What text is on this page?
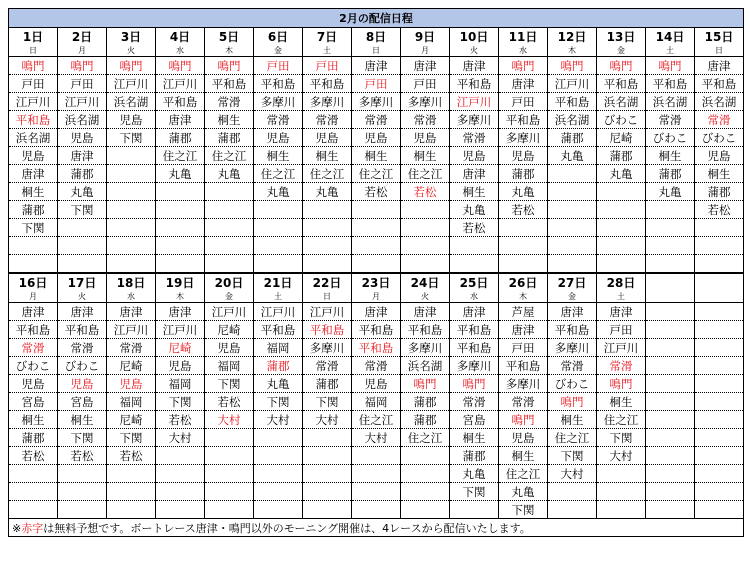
2月の配信日程														
1日	2日	3日	4日	5日	6日	7日	8日	9日	10日	11日	12日	13日	14日	15日
日	月	火	水	木	金	土	日	月	火	水	木	金	土	日
鳴門	鳴門	鳴門	鳴門	鳴門	戸田	戸田	唐津	唐津	唐津	鳴門	鳴門	鳴門	鳴門	唐津
戸田	戸田	江戸川	江戸川	平和島	平和島	平和島	戸田	戸田	平和島	唐津	江戸川	平和島	平和島	平和島
江戸川	江戸川	浜名湖	平和島	常滑	多摩川	多摩川	多摩川	多摩川	江戸川	戸田	平和島	浜名湖	浜名湖	浜名湖
平和島	浜名湖	児島	唐津	桐生	常滑	常滑	常滑	常滑	多摩川	平和島	浜名湖	びわこ	常滑	常滑
浜名湖	児島	下関	蒲郡	蒲郡	児島	児島	児島	児島	常滑	多摩川	蒲郡	尼崎	びわこ	びわこ
児島	唐津		住之江	住之江	桐生	桐生	桐生	桐生	児島	児島	丸亀	蒲郡	桐生	児島
唐津	蒲郡		丸亀	丸亀	住之江	住之江	住之江	住之江	唐津	蒲郡		丸亀	蒲郡	桐生
桐生	丸亀				丸亀	丸亀	若松	若松	桐生	丸亀			丸亀	蒲郡
蒲郡	下関								丸亀	若松				若松
下関									若松					

16日	17日	18日	19日	20日	21日	22日	23日	24日	25日	26日	27日	28日		
月	火	水	木	金	土	日	月	火	水	木	金	土		
唐津	唐津	唐津	唐津	江戸川	江戸川	江戸川	唐津	唐津	唐津	芦屋	唐津	唐津		
平和島	平和島	江戸川	江戸川	尼崎	平和島	平和島	平和島	平和島	平和島	唐津	平和島	戸田		
常滑	常滑	常滑	尼崎	児島	福岡	多摩川	平和島	多摩川	平和島	戸田	多摩川	江戸川		
びわこ	びわこ	尼崎	児島	福岡	蒲郡	常滑	常滑	浜名湖	多摩川	平和島	常滑	常滑		
児島	児島	児島	福岡	下関	丸亀	蒲郡	児島	鳴門	鳴門	多摩川	びわこ	鳴門		
宮島	宮島	福岡	下関	若松	下関	下関	福岡	蒲郡	常滑	常滑	鳴門	桐生		
桐生	桐生	尼崎	若松	大村	大村	大村	住之江	蒲郡	宮島	鳴門	桐生	住之江		
蒲郡	下関	下関	大村				大村	住之江	桐生	児島	住之江	下関		
若松	若松	若松							蒲郡	桐生	下関	大村		
									丸亀	住之江	大村			
									下関	丸亀				
										下関				
※赤字は無料予想です。ボートレース唐津・鳴門以外のモーニング開催は、4レースから配信いたします。														
